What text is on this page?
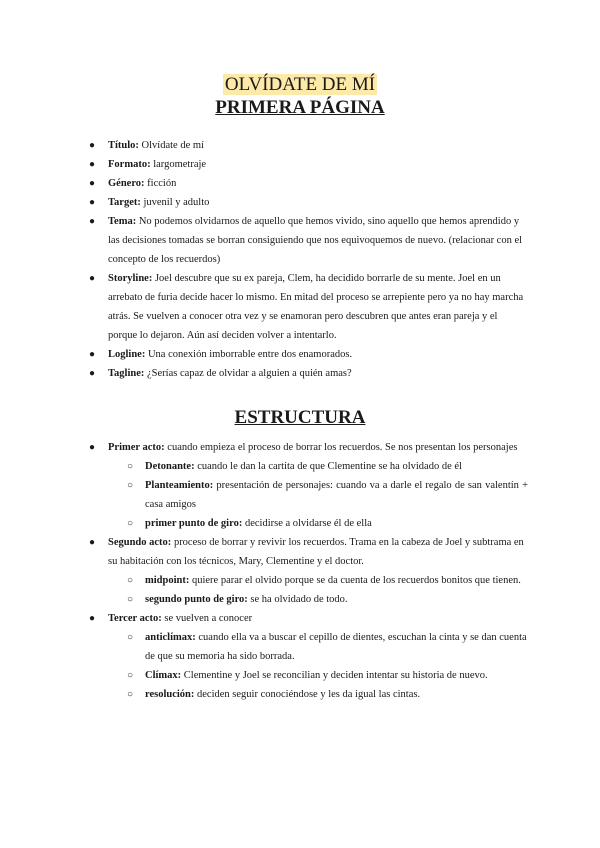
OLVÍDATE DE MÍ
PRIMERA PÁGINA
● Título: Olvídate de mí
● Formato: largometraje
● Género: ficción
● Target: juvenil y adulto
● Tema: No podemos olvidarnos de aquello que hemos vivido, sino aquello que hemos aprendido y las decisiones tomadas se borran consiguiendo que nos equivoquemos de nuevo. (relacionar con el concepto de los recuerdos)
● Storyline: Joel descubre que su ex pareja, Clem, ha decidido borrarle de su mente. Joel en un arrebato de furia decide hacer lo mismo. En mitad del proceso se arrepiente pero ya no hay marcha atrás. Se vuelven a conocer otra vez y se enamoran pero descubren que antes eran pareja y el porque lo dejaron. Aún así deciden volver a intentarlo.
● Logline: Una conexión imborrable entre dos enamorados.
● Tagline: ¿Serías capaz de olvidar a alguien a quién amas?
ESTRUCTURA
● Primer acto: cuando empieza el proceso de borrar los recuerdos. Se nos presentan los personajes
○ Detonante: cuando le dan la cartita de que Clementine se ha olvidado de él
○ Planteamiento: presentación de personajes: cuando va a darle el regalo de san valentín + casa amigos
○ primer punto de giro: decidirse a olvidarse él de ella
● Segundo acto: proceso de borrar y revivir los recuerdos. Trama en la cabeza de Joel y subtrama en su habitación con los técnicos, Mary, Clementine y el doctor.
○ midpoint: quiere parar el olvido porque se da cuenta de los recuerdos bonitos que tienen.
○ segundo punto de giro: se ha olvidado de todo.
● Tercer acto: se vuelven a conocer
○ anticlímax: cuando ella va a buscar el cepillo de dientes, escuchan la cinta y se dan cuenta de que su memoria ha sido borrada.
○ Clímax: Clementine y Joel se reconcilian y deciden intentar su historia de nuevo.
○ resolución: deciden seguir conociéndose y les da igual las cintas.
